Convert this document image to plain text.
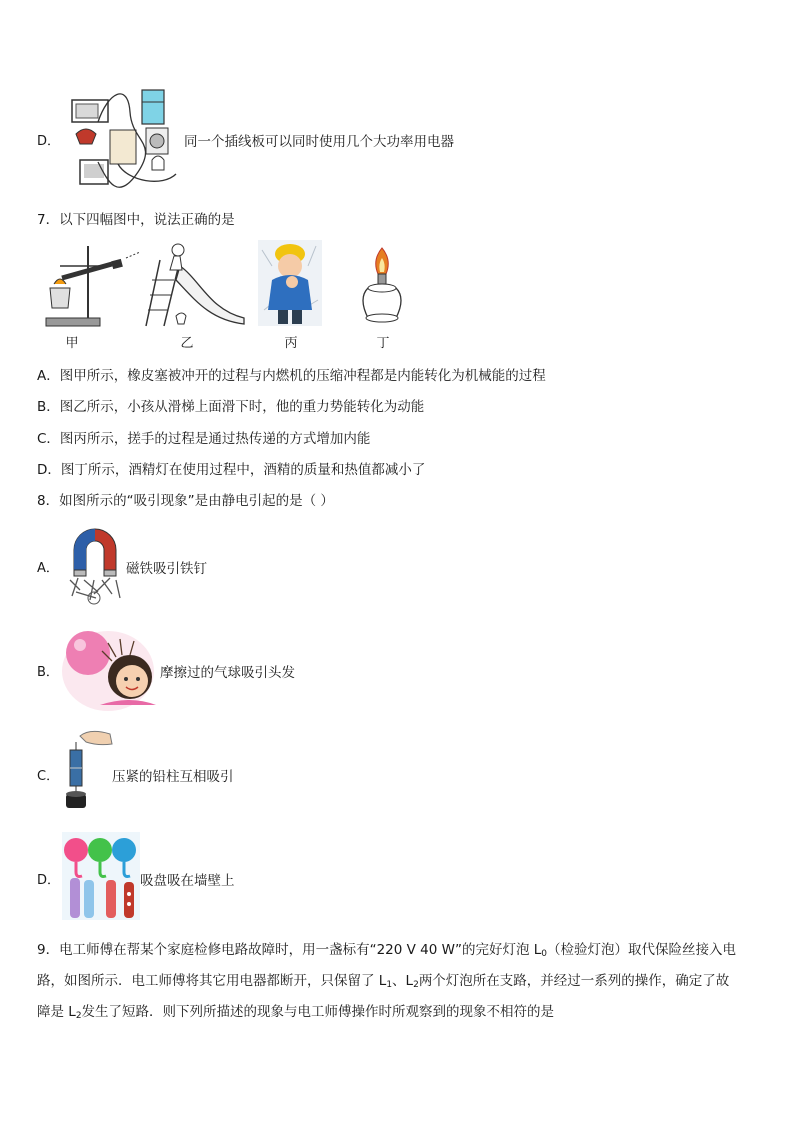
D．	同一个插线板可以同时使用几个大功率用电器
7．以下四幅图中，说法正确的是
甲	乙	丙	丁
A．图甲所示，橡皮塞被冲开的过程与内燃机的压缩冲程都是内能转化为机械能的过程
B．图乙所示，小孩从滑梯上面滑下时，他的重力势能转化为动能
C．图丙所示，搓手的过程是通过热传递的方式增加内能
D．图丁所示，酒精灯在使用过程中，酒精的质量和热值都减小了
8．如图所示的“吸引现象”是由静电引起的是（ ）
A．	磁铁吸引铁钉
B．	摩擦过的气球吸引头发
C．	压紧的铅柱互相吸引
D．	吸盘吸在墙壁上
9．电工师傅在帮某个家庭检修电路故障时，用一盏标有“220 V 40 W”的完好灯泡 $L_0$（检验灯泡）取代保险丝接入电
路，如图所示．电工师傅将其它用电器都断开，只保留了 $L_1$、$L_2$两个灯泡所在支路，并经过一系列的操作，确定了故
障是 $L_2$发生了短路．则下列所描述的现象与电工师傅操作时所观察到的现象不相符的是
